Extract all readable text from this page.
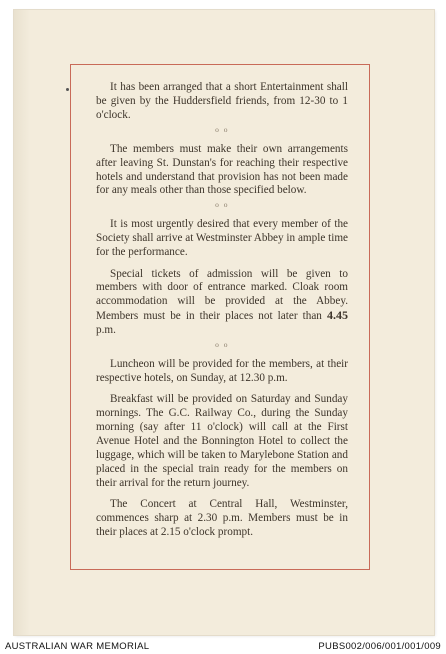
It has been arranged that a short Entertainment shall be given by the Huddersfield friends, from 12-30 to 1 o'clock.

o o

The members must make their own arrangements after leaving St. Dunstan's for reaching their respective hotels and understand that provision has not been made for any meals other than those specified below.

o o

It is most urgently desired that every member of the Society shall arrive at Westminster Abbey in ample time for the performance.

Special tickets of admission will be given to members with door of entrance marked. Cloak room accommodation will be provided at the Abbey. Members must be in their places not later than 4.45 p.m.

o o

Luncheon will be provided for the members, at their respective hotels, on Sunday, at 12.30 p.m.

Breakfast will be provided on Saturday and Sunday mornings. The G.C. Railway Co., during the Sunday morning (say after 11 o'clock) will call at the First Avenue Hotel and the Bonnington Hotel to collect the luggage, which will be taken to Marylebone Station and placed in the special train ready for the members on their arrival for the return journey.

The Concert at Central Hall, Westminster, commences sharp at 2.30 p.m. Members must be in their places at 2.15 o'clock prompt.

AUSTRALIAN WAR MEMORIAL	PUBS002/006/001/001/009
